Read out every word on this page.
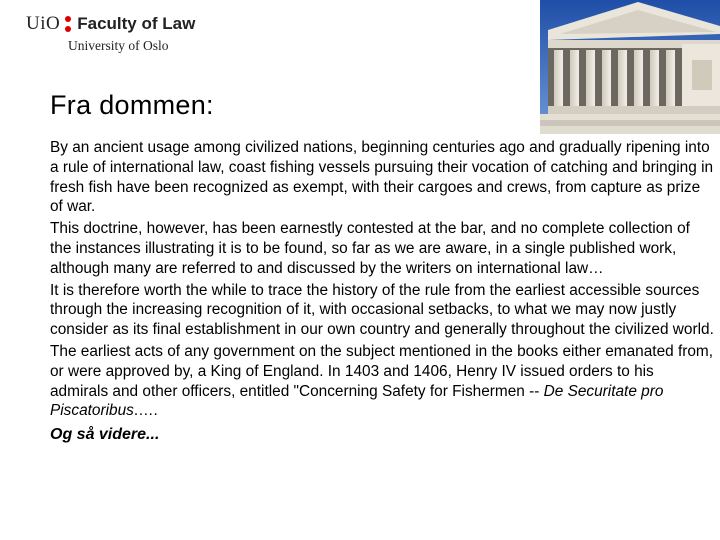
UiO Faculty of Law
University of Oslo
Fra dommen:

By an ancient usage among civilized nations, beginning centuries ago and gradually ripening into a rule of international law, coast fishing vessels pursuing their vocation of catching and bringing in fresh fish have been recognized as exempt, with their cargoes and crews, from capture as prize of war.

This doctrine, however, has been earnestly contested at the bar, and no complete collection of the instances illustrating it is to be found, so far as we are aware, in a single published work, although many are referred to and discussed by the writers on international law…

It is therefore worth the while to trace the history of the rule from the earliest accessible sources through the increasing recognition of it, with occasional setbacks, to what we may now justly consider as its final establishment in our own country and generally throughout the civilized world.

The earliest acts of any government on the subject mentioned in the books either emanated from, or were approved by, a King of England. In 1403 and 1406, Henry IV issued orders to his admirals and other officers, entitled "Concerning Safety for Fishermen -- De Securitate pro Piscatoribus.….

Og så videre...
